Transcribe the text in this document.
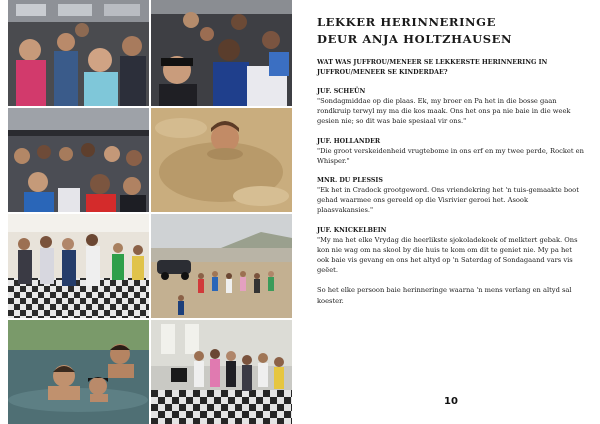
LEKKER HERINNERINGE
DEUR ANJA HOLTZHAUSEN

WAT WAS JUFFROU/MENEER SE LEKKERSTE HERINNERING IN JUFFROU/MENEER SE KINDERDAE?

JUF. SCHEÜN

"Sondagmiddae op die plaas. Ek, my broer en Pa het in die bosse gaan rondkruip terwyl my ma die kos maak. Ons het ons pa nie baie in die week gesien nie; so dit was baie spesiaal vir ons."

JUF. HOLLANDER

"Die groot verskeidenheid vrugtebome in ons erf en my twee perde, Rocket en Whisper."

MNR. DU PLESSIS

"Ek het in Cradock grootgeword. Ons vriendekring het 'n tuis-gemaakte boot gehad waarmee ons gereeld op die Visrivier geroei het. Asook plaasvakansies."

JUF. KNICKELBEIN

"My ma het elke Vrydag die heerlikste sjokoladekoek of melktert gebak. Ons kon nie wag om na skool by die huis te kom om dit te geniet nie. My pa het ook baie vis gevang en ons het altyd op 'n Saterdag of Sondagaand vars vis geëet.

So het elke persoon baie herinneringe waarna 'n mens verlang en altyd sal koester.

10
